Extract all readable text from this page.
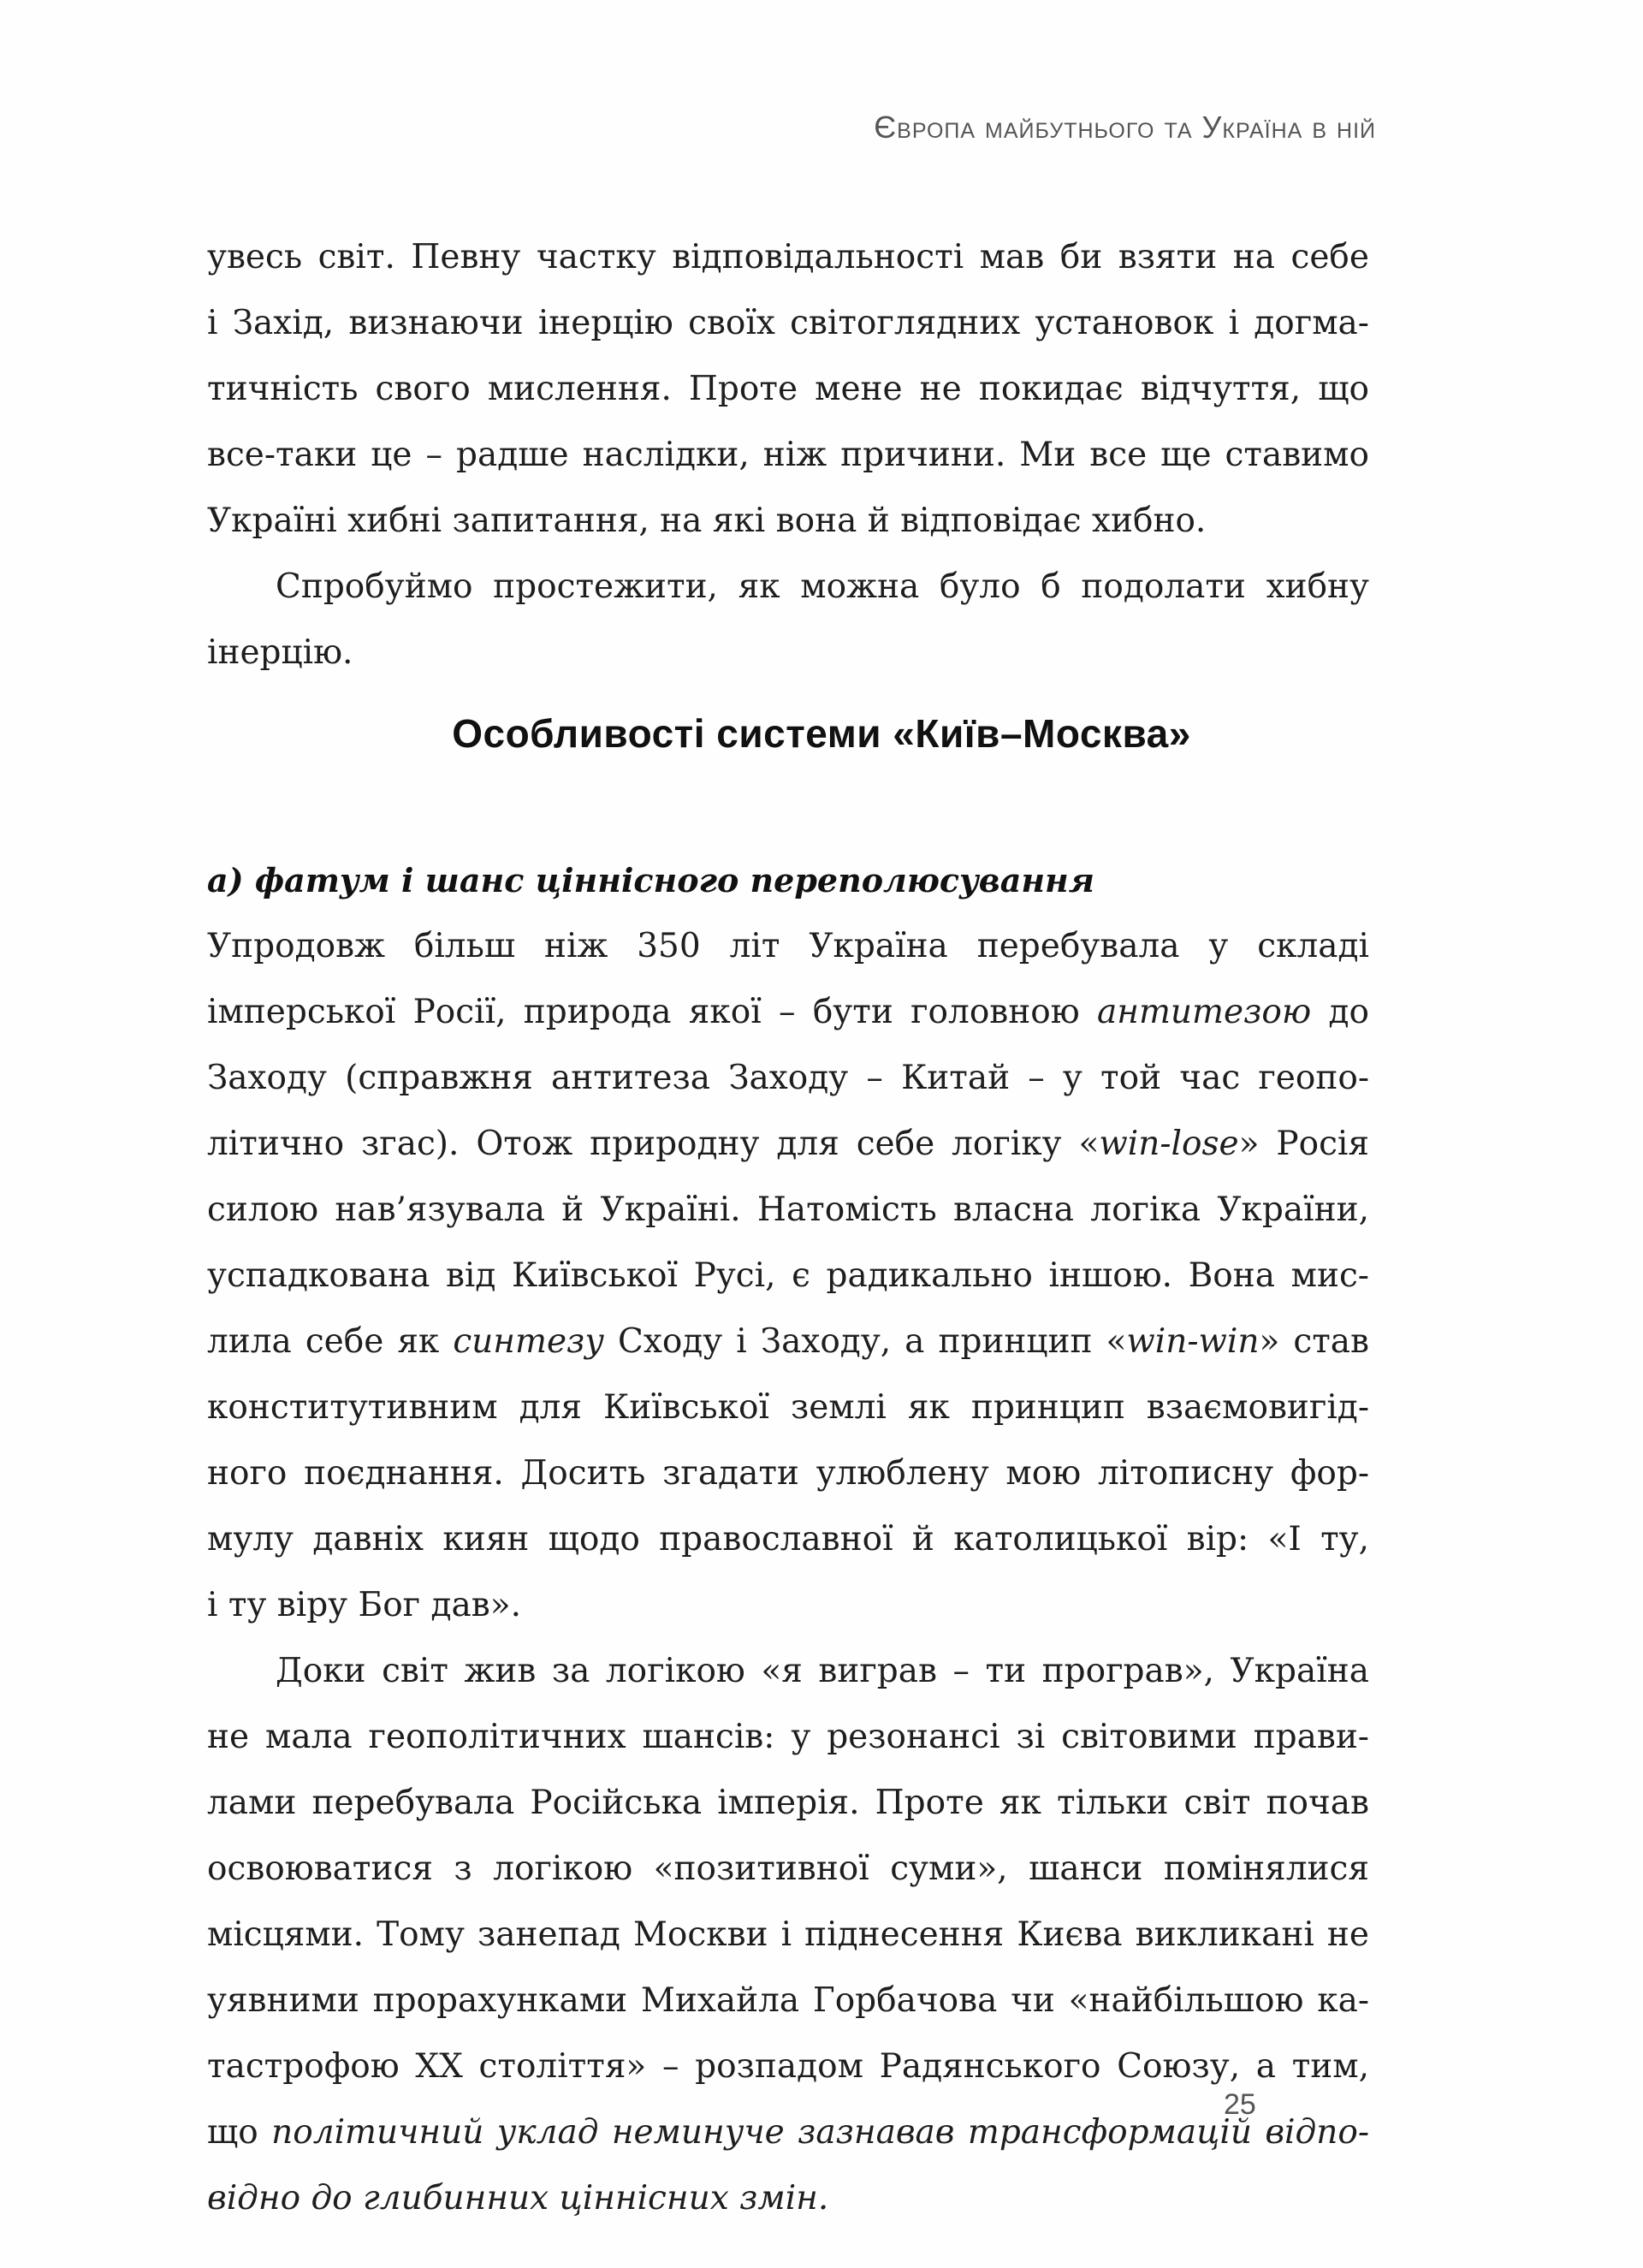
Європа майбутнього та Україна в ній
увесь світ. Певну частку відповідальності мав би взяти на себе
і Захід, визнаючи інерцію своїх світоглядних установок і догма-
тичність свого мислення. Проте мене не покидає відчуття, що
все-таки це – радше наслідки, ніж причини. Ми все ще ставимо
Україні хибні запитання, на які вона й відповідає хибно.
Спробуймо простежити, як можна було б подолати хибну
інерцію.
Особливості системи «Київ–Москва»
а) фатум і шанс ціннісного переполюсування
Упродовж більш ніж 350 літ Україна перебувала у складі
імперської Росії, природа якої – бути головною антитезою до
Заходу (справжня антитеза Заходу – Китай – у той час геопо-
літично згас). Отож природну для себе логіку «win-lose» Росія
силою нав’язувала й Україні. Натомість власна логіка України,
успадкована від Київської Русі, є радикально іншою. Вона мис-
лила себе як синтезу Сходу і Заходу, а принцип «win-win» став
конститутивним для Київської землі як принцип взаємовигід-
ного поєднання. Досить згадати улюблену мою літописну фор-
мулу давніх киян щодо православної й католицької вір: «І ту,
і ту віру Бог дав».
Доки світ жив за логікою «я виграв – ти програв», Україна
не мала геополітичних шансів: у резонансі зі світовими прави-
лами перебувала Російська імперія. Проте як тільки світ почав
освоюватися з логікою «позитивної суми», шанси помінялися
місцями. Тому занепад Москви і піднесення Києва викликані не
уявними прорахунками Михайла Горбачова чи «найбільшою ка-
тастрофою XX століття» – розпадом Радянського Союзу, а тим,
що політичний уклад неминуче зазнавав трансформацій відпо-
відно до глибинних ціннісних змін.
25
